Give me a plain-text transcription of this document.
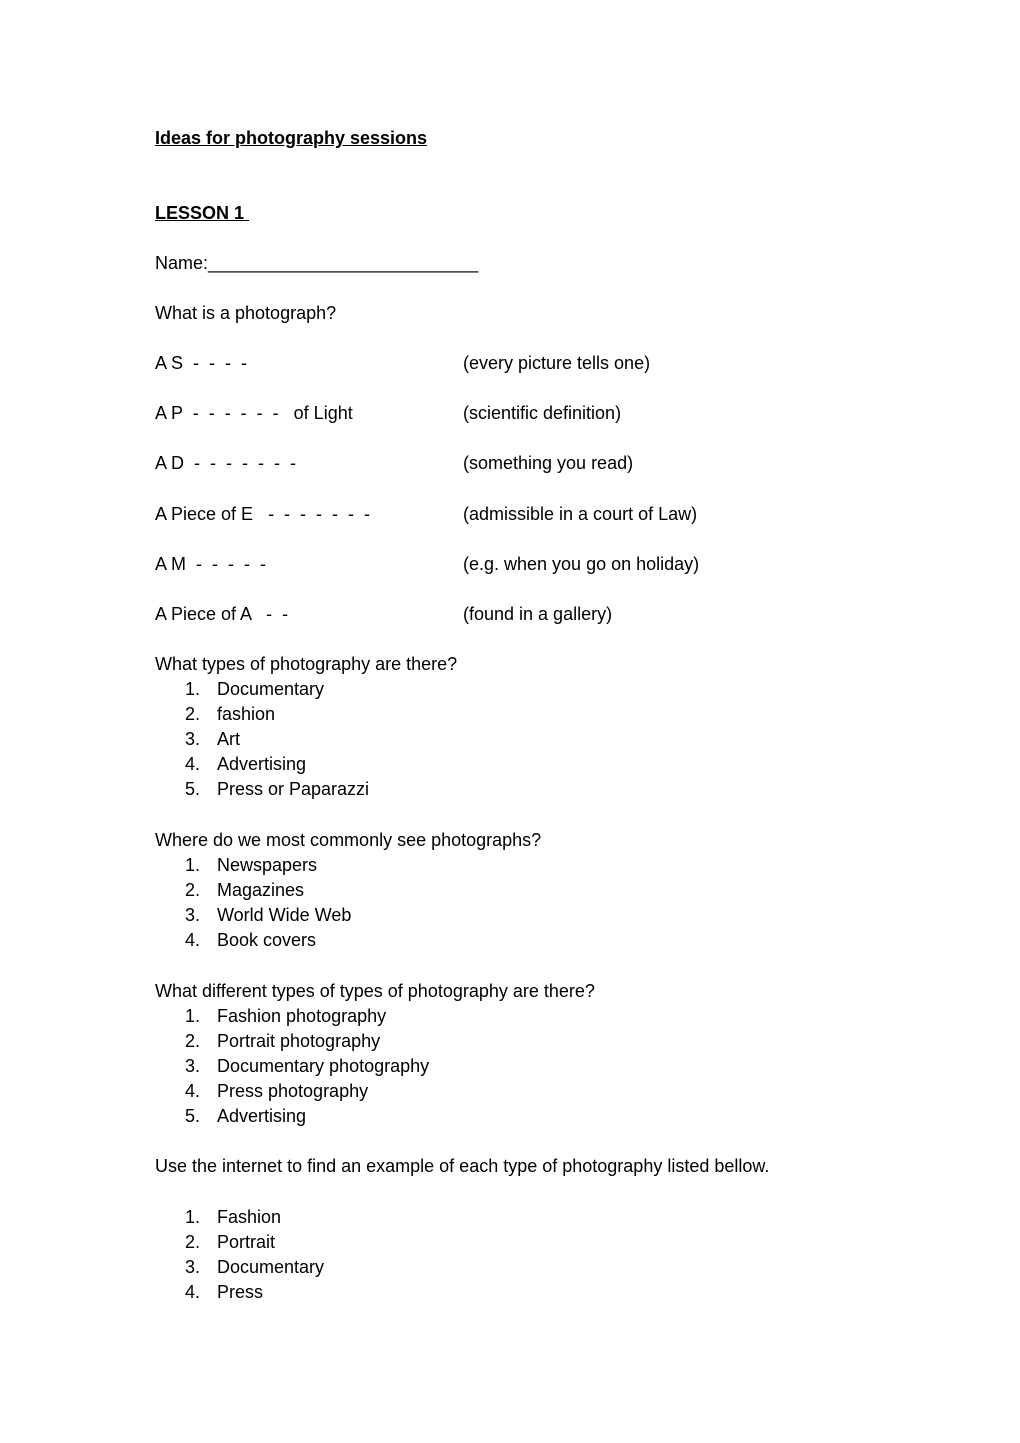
Ideas for photography sessions
LESSON 1
Name:___________________________
What is a photograph?
A S  -  -  -  -	(every picture tells one)
A P  -  -  -  -  -  -   of Light	(scientific definition)
A D  -  -  -  -  -  -  -	(something you read)
A Piece of E   -  -  -  -  -  -  -	(admissible in a court of Law)
A M  -  -  -  -  -	(e.g. when you go on holiday)
A Piece of A   -  -	(found in a gallery)
What types of photography are there?
1. Documentary
2. fashion
3. Art
4. Advertising
5. Press or Paparazzi
Where do we most commonly see photographs?
1. Newspapers
2. Magazines
3. World Wide Web
4. Book covers
What different types of types of photography are there?
1. Fashion photography
2. Portrait photography
3. Documentary photography
4. Press photography
5. Advertising
Use the internet to find an example of each type of photography listed bellow.
1. Fashion
2. Portrait
3. Documentary
4. Press
